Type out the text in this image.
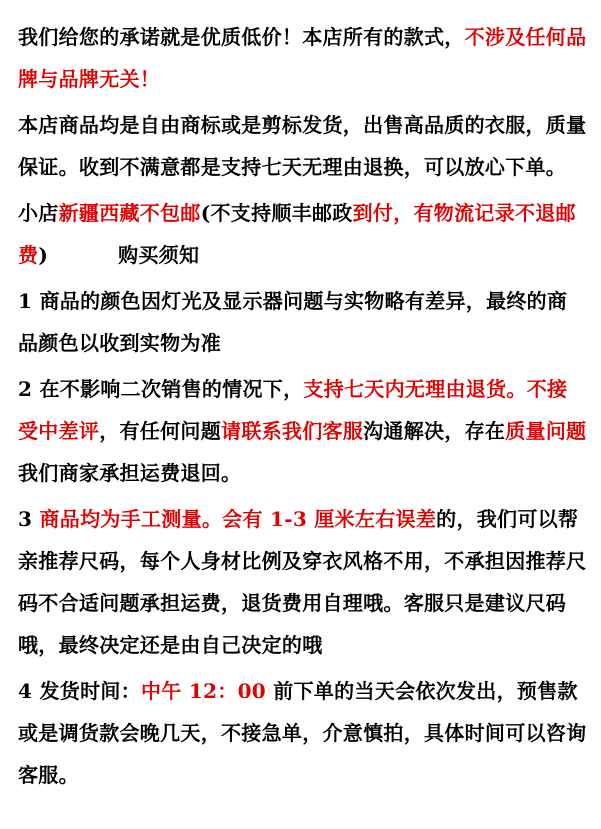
我们给您的承诺就是优质低价！本店所有的款式，不涉及任何品牌与品牌无关！

本店商品均是自由商标或是剪标发货，出售高品质的衣服，质量保证。收到不满意都是支持七天无理由退换，可以放心下单。

小店新疆西藏不包邮(不支持顺丰邮政到付，有物流记录不退邮费)	购买须知

1 商品的颜色因灯光及显示器问题与实物略有差异，最终的商品颜色以收到实物为准

2 在不影响二次销售的情况下，支持七天内无理由退货。不接受中差评，有任何问题请联系我们客服沟通解决，存在质量问题我们商家承担运费退回。

3 商品均为手工测量。会有 1-3 厘米左右误差的，我们可以帮亲推荐尺码，每个人身材比例及穿衣风格不用，不承担因推荐尺码不合适问题承担运费，退货费用自理哦。客服只是建议尺码哦，最终决定还是由自己决定的哦

4 发货时间：中午 12：00 前下单的当天会依次发出，预售款或是调货款会晚几天，不接急单，介意慎拍，具体时间可以咨询客服。
